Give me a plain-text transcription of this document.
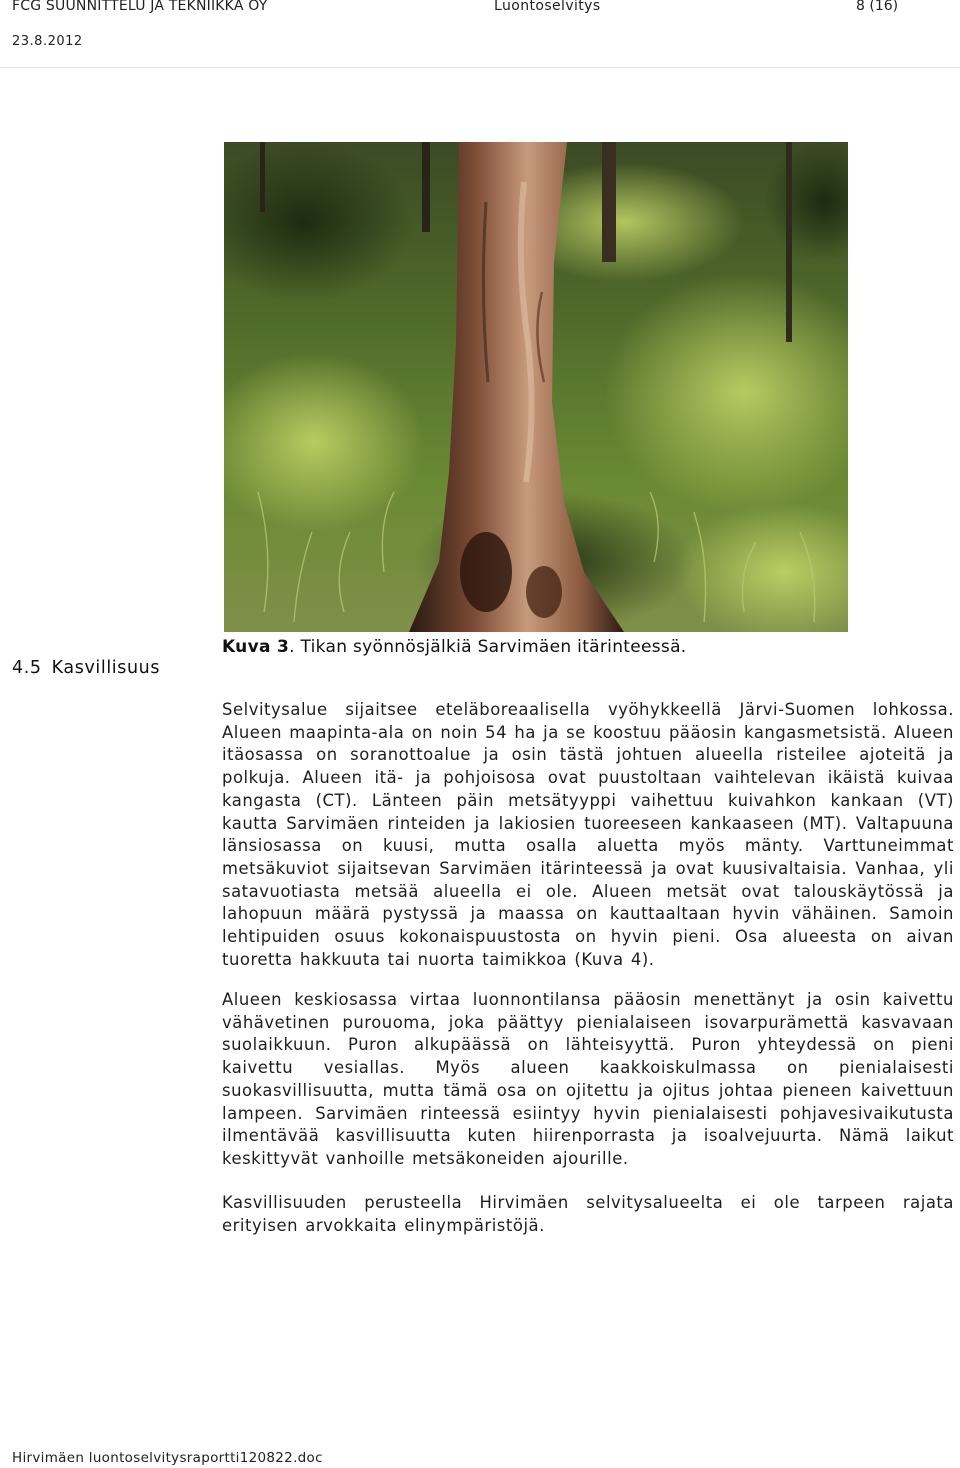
FCG SUUNNITTELU JA TEKNIIKKA OY	Luontoselvitys	8 (16)
23.8.2012
Kuva 3. Tikan syönnösjälkiä Sarvimäen itärinteessä.
4.5 Kasvillisuus

Selvitysalue sijaitsee eteläboreaalisella vyöhykkeellä Järvi-Suomen lohkossa. Alueen maapinta-ala on noin 54 ha ja se koostuu pääosin kangasmetsistä. Alueen itäosassa on soranottoalue ja osin tästä johtuen alueella risteilee ajoteitä ja polkuja. Alueen itä- ja pohjoisosa ovat puustoltaan vaihtelevan ikäistä kuivaa kangasta (CT). Länteen päin metsätyyppi vaihettuu kuivahkon kankaan (VT) kautta Sarvimäen rinteiden ja lakiosien tuoreeseen kankaaseen (MT). Valtapuuna länsiosassa on kuusi, mutta osalla aluetta myös mänty. Varttuneimmat metsäkuviot sijaitsevan Sarvimäen itärinteessä ja ovat kuusivaltaisia. Vanhaa, yli satavuotiasta metsää alueella ei ole. Alueen metsät ovat talouskäytössä ja lahopuun määrä pystyssä ja maassa on kauttaaltaan hyvin vähäinen. Samoin lehtipuiden osuus kokonaispuustosta on hyvin pieni. Osa alueesta on aivan tuoretta hakkuuta tai nuorta taimikkoa (Kuva 4).

Alueen keskiosassa virtaa luonnontilansa pääosin menettänyt ja osin kaivettu vähävetinen purouoma, joka päättyy pienialaiseen isovarpurämettä kasvavaan suolaikkuun. Puron alkupäässä on lähteisyyttä. Puron yhteydessä on pieni kaivettu vesiallas. Myös alueen kaakkoiskulmassa on pienialaisesti suokasvillisuutta, mutta tämä osa on ojitettu ja ojitus johtaa pieneen kaivettuun lampeen. Sarvimäen rinteessä esiintyy hyvin pienialaisesti pohjavesivaikutusta ilmentävää kasvillisuutta kuten hiirenporrasta ja isoalvejuurta. Nämä laikut keskittyvät vanhoille metsäkoneiden ajourille.

Kasvillisuuden perusteella Hirvimäen selvitysalueelta ei ole tarpeen rajata erityisen arvokkaita elinympäristöjä.

Hirvimäen luontoselvitysraportti120822.doc
